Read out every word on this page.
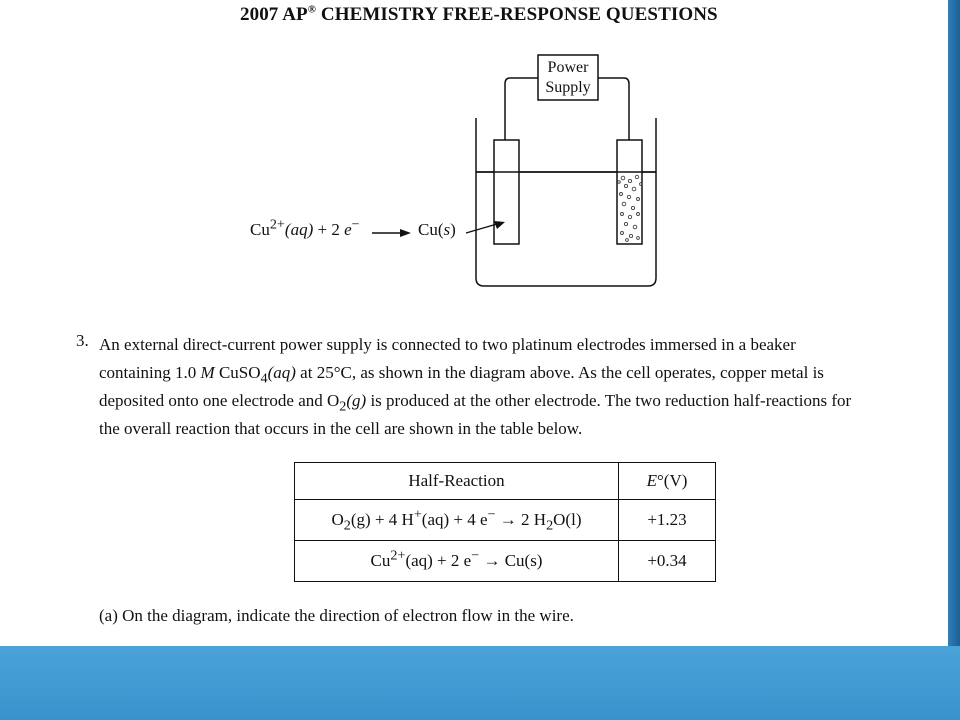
2007 AP® CHEMISTRY FREE-RESPONSE QUESTIONS
Power
Supply
$Cu^{2+}(aq) + 2$ e−	Cu(s)
3. An external direct-current power supply is connected to two platinum electrodes immersed in a beaker
containing 1.0 M CuSO$_4$(aq) at 25°C, as shown in the diagram above. As the cell operates, copper metal is
deposited onto one electrode and $O_2(g)$ is produced at the other electrode. The two reduction half-reactions for
the overall reaction that occurs in the cell are shown in the table below.
Half-Reaction	E°(V)
$O_2(g) + 4$ H+(aq) + 4 e− → 2 $H_2O(l)$	+1.23
$Cu^{2+}(aq) + 2$ e− → Cu(s)	+0.34
(a) On the diagram, indicate the direction of electron flow in the wire.
